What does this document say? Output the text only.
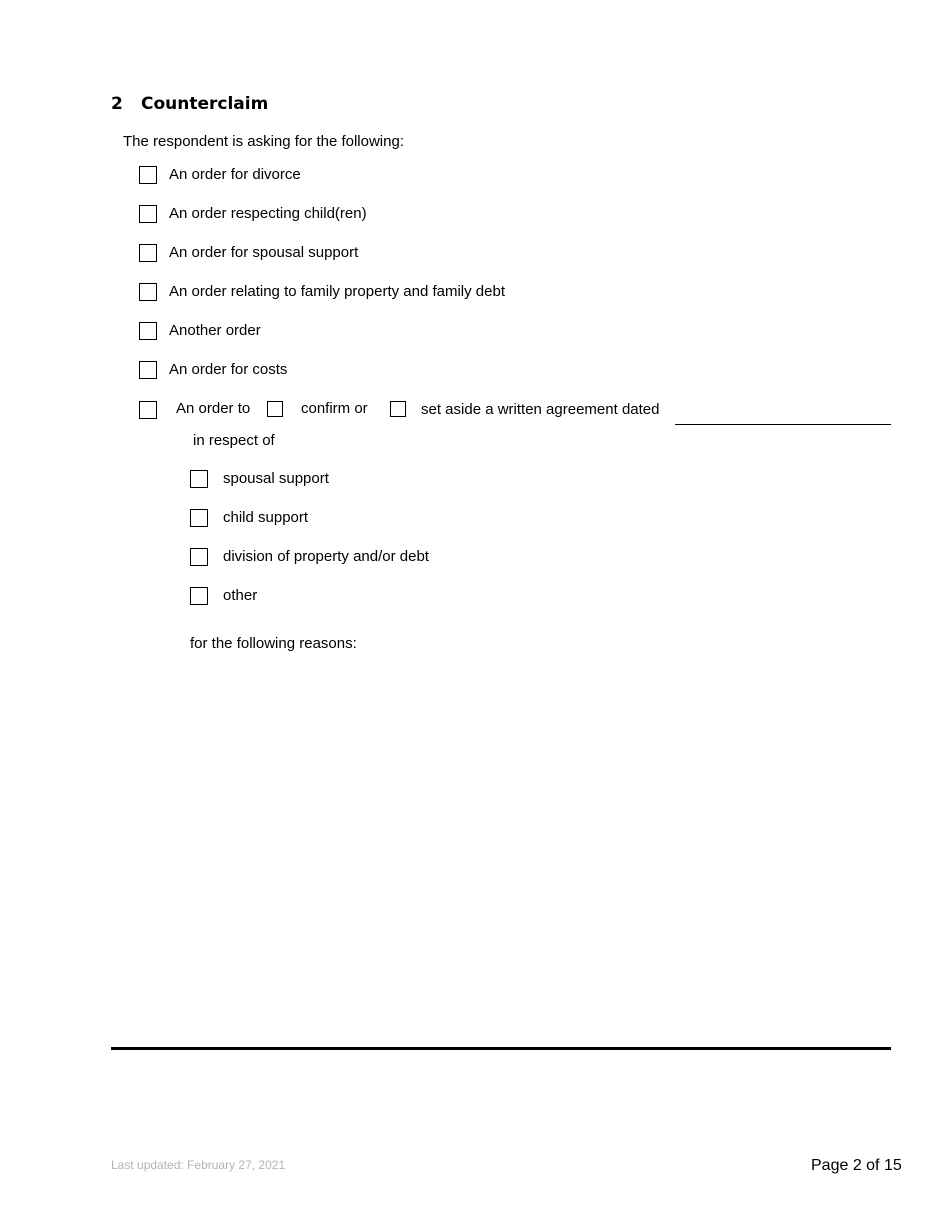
2 Counterclaim
The respondent is asking for the following:
An order for divorce
An order respecting child(ren)
An order for spousal support
An order relating to family property and family debt
Another order
An order for costs
An order to	confirm or	set aside a written agreement dated
in respect of
spousal support
child support
division of property and/or debt
other
for the following reasons:
Last updated: February 27, 2021	Page 2 of 15
